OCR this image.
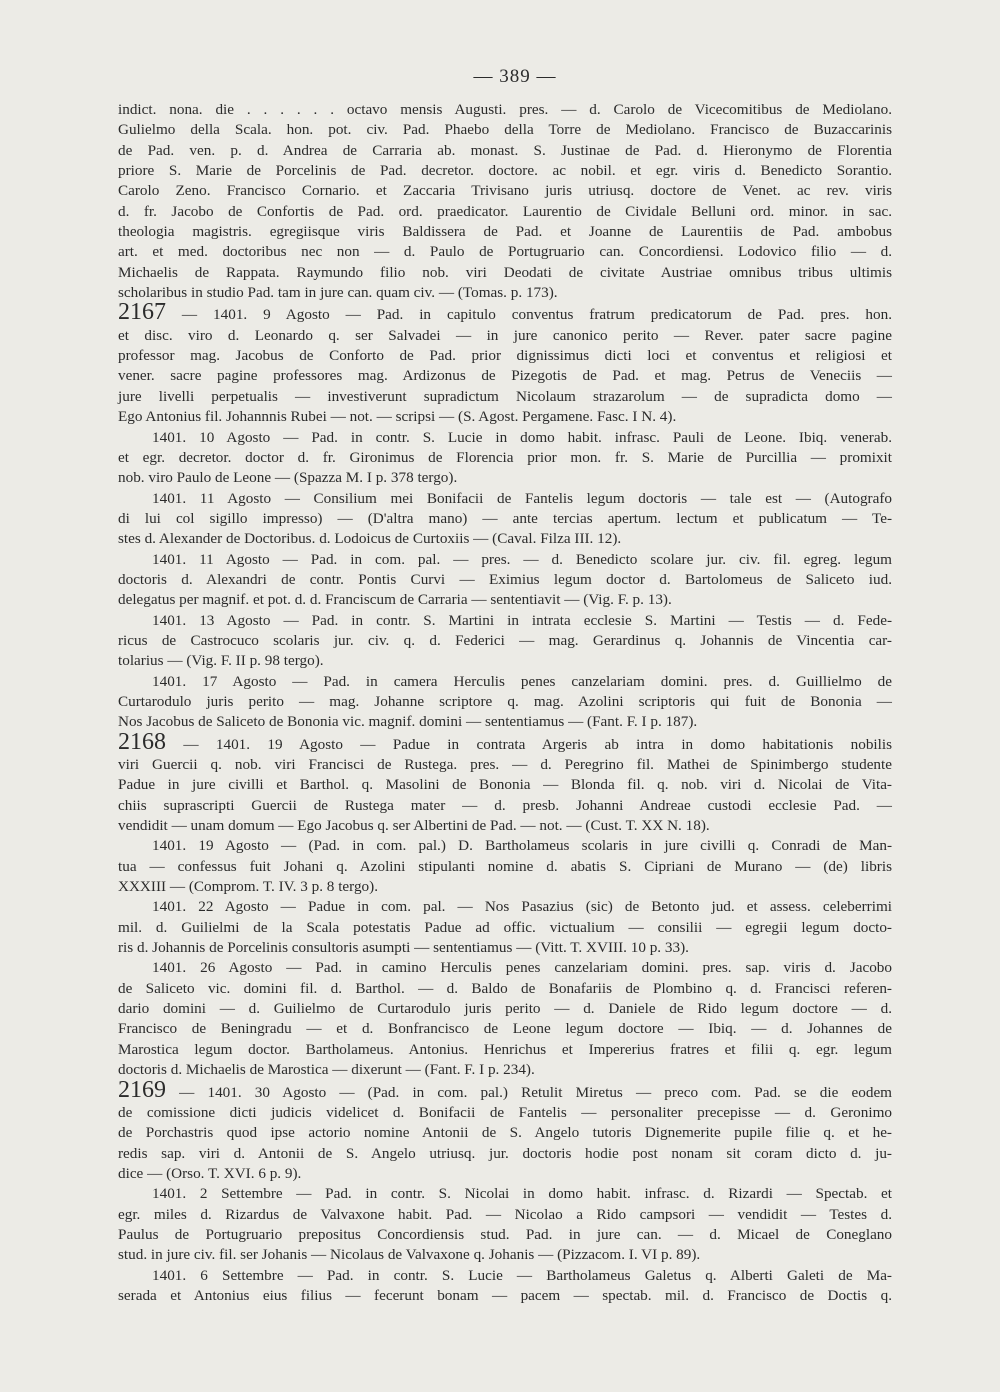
— 389 —
indict. nona. die . . . . . . octavo mensis Augusti. pres. — d. Carolo de Vicecomitibus de Mediolano.
Gulielmo della Scala. hon. pot. civ. Pad. Phaebo della Torre de Mediolano. Francisco de Buzaccarinis
de Pad. ven. p. d. Andrea de Carraria ab. monast. S. Justinae de Pad. d. Hieronymo de Florentia
priore S. Marie de Porcelinis de Pad. decretor. doctore. ac nobil. et egr. viris d. Benedicto Sorantio.
Carolo Zeno. Francisco Cornario. et Zaccaria Trivisano juris utriusq. doctore de Venet. ac rev. viris
d. fr. Jacobo de Confortis de Pad. ord. praedicator. Laurentio de Cividale Belluni ord. minor. in sac.
theologia magistris. egregiisque viris Baldissera de Pad. et Joanne de Laurentiis de Pad. ambobus
art. et med. doctoribus nec non — d. Paulo de Portugruario can. Concordiensi. Lodovico filio — d.
Michaelis de Rappata. Raymundo filio nob. viri Deodati de civitate Austriae omnibus tribus ultimis
scholaribus in studio Pad. tam in jure can. quam civ. — (Tomas. p. 173).
2167 — 1401. 9 Agosto — Pad. in capitulo conventus fratrum predicatorum de Pad. pres. hon.
et disc. viro d. Leonardo q. ser Salvadei — in jure canonico perito — Rever. pater sacre pagine
professor mag. Jacobus de Conforto de Pad. prior dignissimus dicti loci et conventus et religiosi et
vener. sacre pagine professores mag. Ardizonus de Pizegotis de Pad. et mag. Petrus de Veneciis —
jure livelli perpetualis — investiverunt supradictum Nicolaum strazarolum — de supradicta domo —
Ego Antonius fil. Johannnis Rubei — not. — scripsi — (S. Agost. Pergamene. Fasc. I N. 4).
1401. 10 Agosto — Pad. in contr. S. Lucie in domo habit. infrasc. Pauli de Leone. Ibiq. venerab.
et egr. decretor. doctor d. fr. Gironimus de Florencia prior mon. fr. S. Marie de Purcillia — promixit
nob. viro Paulo de Leone — (Spazza M. I p. 378 tergo).
1401. 11 Agosto — Consilium mei Bonifacii de Fantelis legum doctoris — tale est — (Autografo
di lui col sigillo impresso) — (D'altra mano) — ante tercias apertum. lectum et publicatum — Te-
stes d. Alexander de Doctoribus. d. Lodoicus de Curtoxiis — (Caval. Filza III. 12).
1401. 11 Agosto — Pad. in com. pal. — pres. — d. Benedicto scolare jur. civ. fil. egreg. legum
doctoris d. Alexandri de contr. Pontis Curvi — Eximius legum doctor d. Bartolomeus de Saliceto iud.
delegatus per magnif. et pot. d. d. Franciscum de Carraria — sententiavit — (Vig. F. p. 13).
1401. 13 Agosto — Pad. in contr. S. Martini in intrata ecclesie S. Martini — Testis — d. Fede-
ricus de Castrocuco scolaris jur. civ. q. d. Federici — mag. Gerardinus q. Johannis de Vincentia car-
tolarius — (Vig. F. II p. 98 tergo).
1401. 17 Agosto — Pad. in camera Herculis penes canzelariam domini. pres. d. Guillielmo de
Curtarodulo juris perito — mag. Johanne scriptore q. mag. Azolini scriptoris qui fuit de Bononia —
Nos Jacobus de Saliceto de Bononia vic. magnif. domini — sententiamus — (Fant. F. I p. 187).
2168 — 1401. 19 Agosto — Padue in contrata Argeris ab intra in domo habitationis nobilis
viri Guercii q. nob. viri Francisci de Rustega. pres. — d. Peregrino fil. Mathei de Spinimbergo studente
Padue in jure civilli et Barthol. q. Masolini de Bononia — Blonda fil. q. nob. viri d. Nicolai de Vita-
chiis suprascripti Guercii de Rustega mater — d. presb. Johanni Andreae custodi ecclesie Pad. —
vendidit — unam domum — Ego Jacobus q. ser Albertini de Pad. — not. — (Cust. T. XX N. 18).
1401. 19 Agosto — (Pad. in com. pal.) D. Bartholameus scolaris in jure civilli q. Conradi de Man-
tua — confessus fuit Johani q. Azolini stipulanti nomine d. abatis S. Cipriani de Murano — (de) libris
XXXIII — (Comprom. T. IV. 3 p. 8 tergo).
1401. 22 Agosto — Padue in com. pal. — Nos Pasazius (sic) de Betonto jud. et assess. celeberrimi
mil. d. Guilielmi de la Scala potestatis Padue ad offic. victualium — consilii — egregii legum docto-
ris d. Johannis de Porcelinis consultoris asumpti — sententiamus — (Vitt. T. XVIII. 10 p. 33).
1401. 26 Agosto — Pad. in camino Herculis penes canzelariam domini. pres. sap. viris d. Jacobo
de Saliceto vic. domini fil. d. Barthol. — d. Baldo de Bonafariis de Plombino q. d. Francisci referen-
dario domini — d. Guilielmo de Curtarodulo juris perito — d. Daniele de Rido legum doctore — d.
Francisco de Beningradu — et d. Bonfrancisco de Leone legum doctore — Ibiq. — d. Johannes de
Marostica legum doctor. Bartholameus. Antonius. Henrichus et Impererius fratres et filii q. egr. legum
doctoris d. Michaelis de Marostica — dixerunt — (Fant. F. I p. 234).
2169 — 1401. 30 Agosto — (Pad. in com. pal.) Retulit Miretus — preco com. Pad. se die eodem
de comissione dicti judicis videlicet d. Bonifacii de Fantelis — personaliter precepisse — d. Geronimo
de Porchastris quod ipse actorio nomine Antonii de S. Angelo tutoris Dignemerite pupile filie q. et he-
redis sap. viri d. Antonii de S. Angelo utriusq. jur. doctoris hodie post nonam sit coram dicto d. ju-
dice — (Orso. T. XVI. 6 p. 9).
1401. 2 Settembre — Pad. in contr. S. Nicolai in domo habit. infrasc. d. Rizardi — Spectab. et
egr. miles d. Rizardus de Valvaxone habit. Pad. — Nicolao a Rido campsori — vendidit — Testes d.
Paulus de Portugruario prepositus Concordiensis stud. Pad. in jure can. — d. Micael de Coneglano
stud. in jure civ. fil. ser Johanis — Nicolaus de Valvaxone q. Johanis — (Pizzacom. I. VI p. 89).
1401. 6 Settembre — Pad. in contr. S. Lucie — Bartholameus Galetus q. Alberti Galeti de Ma-
serada et Antonius eius filius — fecerunt bonam — pacem — spectab. mil. d. Francisco de Doctis q.
